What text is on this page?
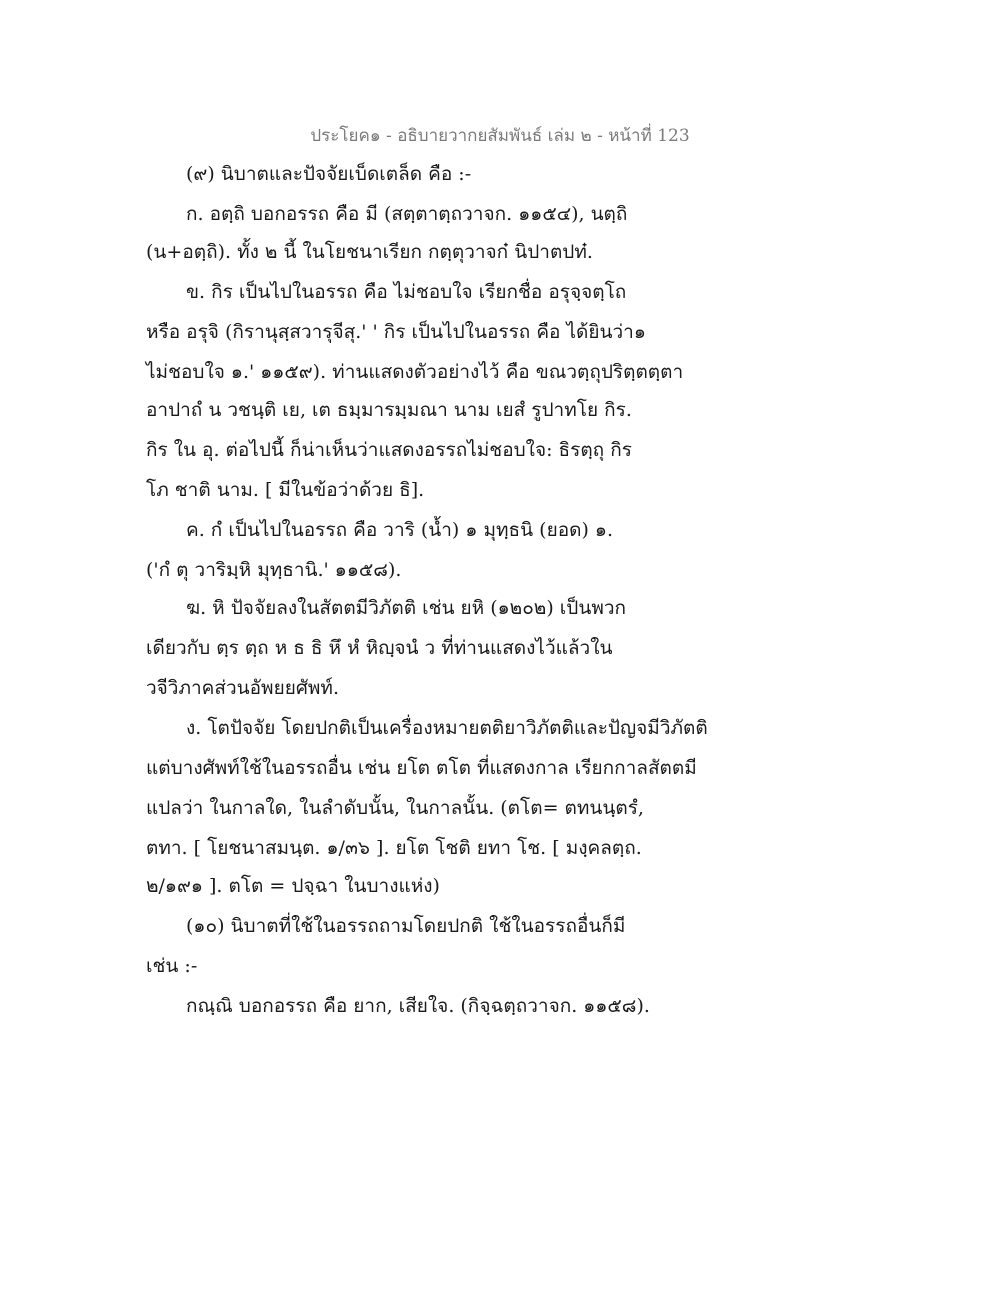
ประโยค๑ - อธิบายวากยสัมพันธ์ เล่ม ๒ - หน้าที่ 123

(๙) นิบาตและปัจจัยเบ็ดเตล็ด คือ :-

ก. อตฺถิ บอกอรรถ คือ มี (สตฺตาตฺถวาจก. ๑๑๕๔), นตฺถิ

(น+อตฺถิ). ทั้ง ๒ นี้ ในโยชนาเรียก กตฺตุวาจก๋ นิปาตปท๋.

ข. กิร เป็นไปในอรรถ คือ ไม่ชอบใจ เรียกชื่อ อรุจฺจตฺโถ

หรือ อรุจิ (กิรานุสฺสวารุจีสุ.' ' กิร เป็นไปในอรรถ คือ ได้ยินว่า๑

ไม่ชอบใจ ๑.' ๑๑๕๙). ท่านแสดงตัวอย่างไว้ คือ ขณวตฺถุปริตฺตตฺตา

อาปาถํ น วชนฺติ เย, เต ธมฺมารมฺมณา นาม เยสํ รูปาทโย กิร.

กิร ใน อุ. ต่อไปนี้ ก็น่าเห็นว่าแสดงอรรถไม่ชอบใจ: ธิรตฺถุ กิร

โภ ชาติ นาม. [ มีในข้อว่าด้วย ธิ].

ค. กํ เป็นไปในอรรถ คือ วาริ (น้ำ) ๑ มุทฺธนิ (ยอด) ๑.

('กํ ตุ วาริมฺหิ มุทฺธานิ.' ๑๑๕๘).

ฆ. หิ ปัจจัยลงในสัตตมีวิภัตติ เช่น ยหิ (๑๒๐๒) เป็นพวก

เดียวกับ ตฺร ตฺถ ห ธ ธิ หึ หํ หิญฺจนํ ว ที่ท่านแสดงไว้แล้วใน

วจีวิภาคส่วนอัพยยศัพท์.

ง. โตปัจจัย โดยปกติเป็นเครื่องหมายตติยาวิภัตติและปัญจมีวิภัตติ

แต่บางศัพท์ใช้ในอรรถอื่น เช่น ยโต ตโต ที่แสดงกาล เรียกกาลสัตตมี

แปลว่า ในกาลใด, ในลำดับนั้น, ในกาลนั้น. (ตโต= ตทนนฺตรํ,

ตทา. [ โยชนาสมนฺต. ๑/๓๖ ]. ยโต โชติ ยทา โช. [ มงฺคลตฺถ.

๒/๑๙๑ ]. ตโต = ปจฺฉา ในบางแห่ง)

(๑๐) นิบาตที่ใช้ในอรรถถามโดยปกติ ใช้ในอรรถอื่นก็มี

เช่น :-

กณฺณิ บอกอรรถ คือ ยาก, เสียใจ. (กิจฺฉตฺถวาจก. ๑๑๕๘).
